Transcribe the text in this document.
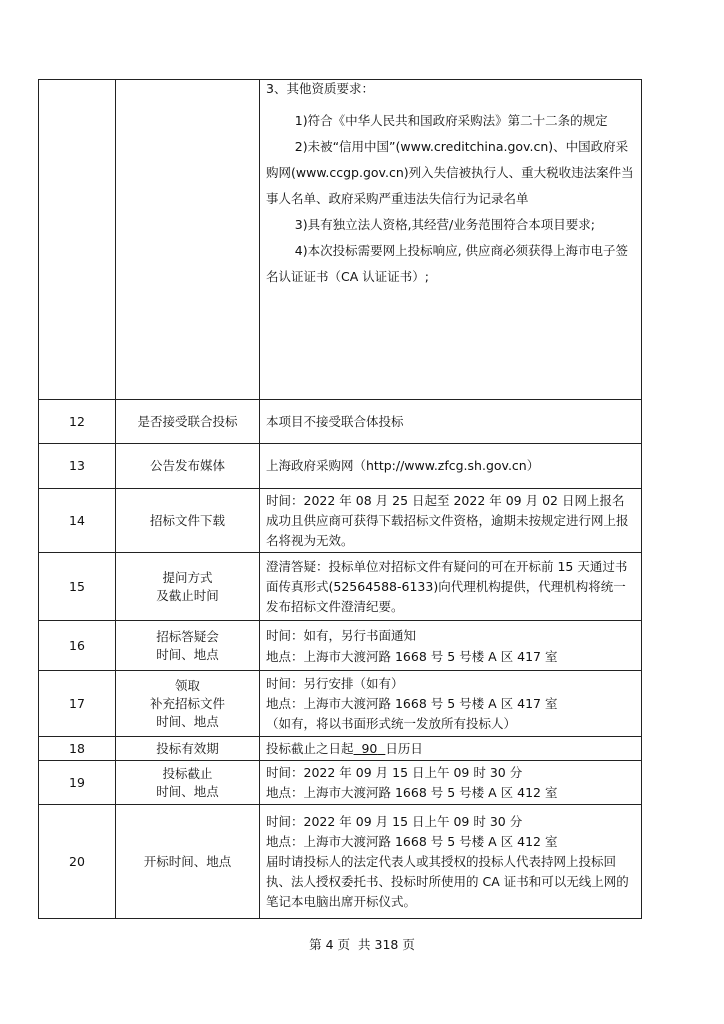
		3、其他资质要求：
1)符合《中华人民共和国政府采购法》第二十二条的规定
2)未被“信用中国”(www.creditchina.gov.cn)、中国政府采购网(www.ccgp.gov.cn)列入失信被执行人、重大税收违法案件当事人名单、政府采购严重违法失信行为记录名单
3)具有独立法人资格,其经营/业务范围符合本项目要求;
4)本次投标需要网上投标响应, 供应商必须获得上海市电子签名认证证书（CA 认证证书）;

12	是否接受联合投标	本项目不接受联合体投标
13	公告发布媒体	上海政府采购网（http://www.zfcg.sh.gov.cn）
14	招标文件下载	时间：2022 年 08 月 25 日起至 2022 年 09 月 02 日网上报名成功且供应商可获得下载招标文件资格，逾期未按规定进行网上报名将视为无效。
15	提问方式
及截止时间	澄清答疑：投标单位对招标文件有疑问的可在开标前 15 天通过书面传真形式(52564588-6133)向代理机构提供，代理机构将统一发布招标文件澄清纪要。
16	招标答疑会
时间、地点	时间：如有，另行书面通知
地点：上海市大渡河路 1668 号 5 号楼 A 区 417 室

17	领取
补充招标文件
时间、地点	时间：另行安排（如有）
地点：上海市大渡河路 1668 号 5 号楼 A 区 417 室
（如有，将以书面形式统一发放所有投标人）

18	投标有效期	投标截止之日起 90 日历日
19	投标截止
时间、地点	时间：2022 年 09 月 15 日上午 09 时 30 分
地点：上海市大渡河路 1668 号 5 号楼 A 区 412 室

20	开标时间、地点	时间：2022 年 09 月 15 日上午 09 时 30 分
地点：上海市大渡河路 1668 号 5 号楼 A 区 412 室
届时请投标人的法定代表人或其授权的投标人代表持网上投标回执、法人授权委托书、投标时所使用的 CA 证书和可以无线上网的笔记本电脑出席开标仪式。
第 4 页 共 318 页
